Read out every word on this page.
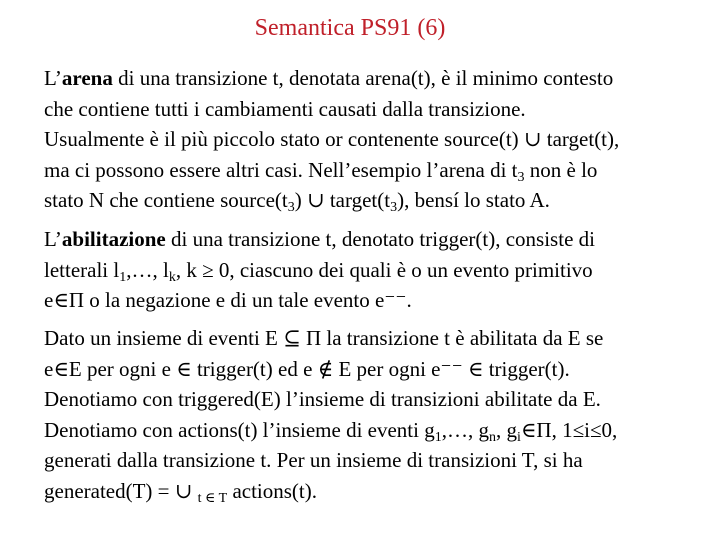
Semantica PS91 (6)
L’arena di una transizione t, denotata arena(t), è il minimo contesto
che contiene tutti i cambiamenti causati dalla transizione.
Usualmente è il più piccolo stato or contenente source(t) ∪ target(t),
ma ci possono essere altri casi. Nell’esempio l’arena di $t_3$ non è lo
stato N che contiene $source(t_3)$ ∪ $target(t_3)$, bensí lo stato A.
L’abilitazione di una transizione t, denotato trigger(t), consiste di
letterali $l_1,\dots$, $l_k$, k ≥ 0, ciascuno dei quali è o un evento primitivo
e∈Π o la negazione e di un tale evento e⁻⁻.
Dato un insieme di eventi E ⊆ Π la transizione t è abilitata da E se
e∈E per ogni e ∈ trigger(t) ed e ∉ E per ogni e⁻⁻ ∈ trigger(t).
Denotiamo con triggered(E) l’insieme di transizioni abilitate da E.
Denotiamo con actions(t) l’insieme di eventi $g_1,\dots$, $g_n$, $g_i\in\Pi$, 1≤i≤0,
generati dalla transizione t. Per un insieme di transizioni T, si ha
generated(T) = ∪ $_{t \in T}$ actions(t).
